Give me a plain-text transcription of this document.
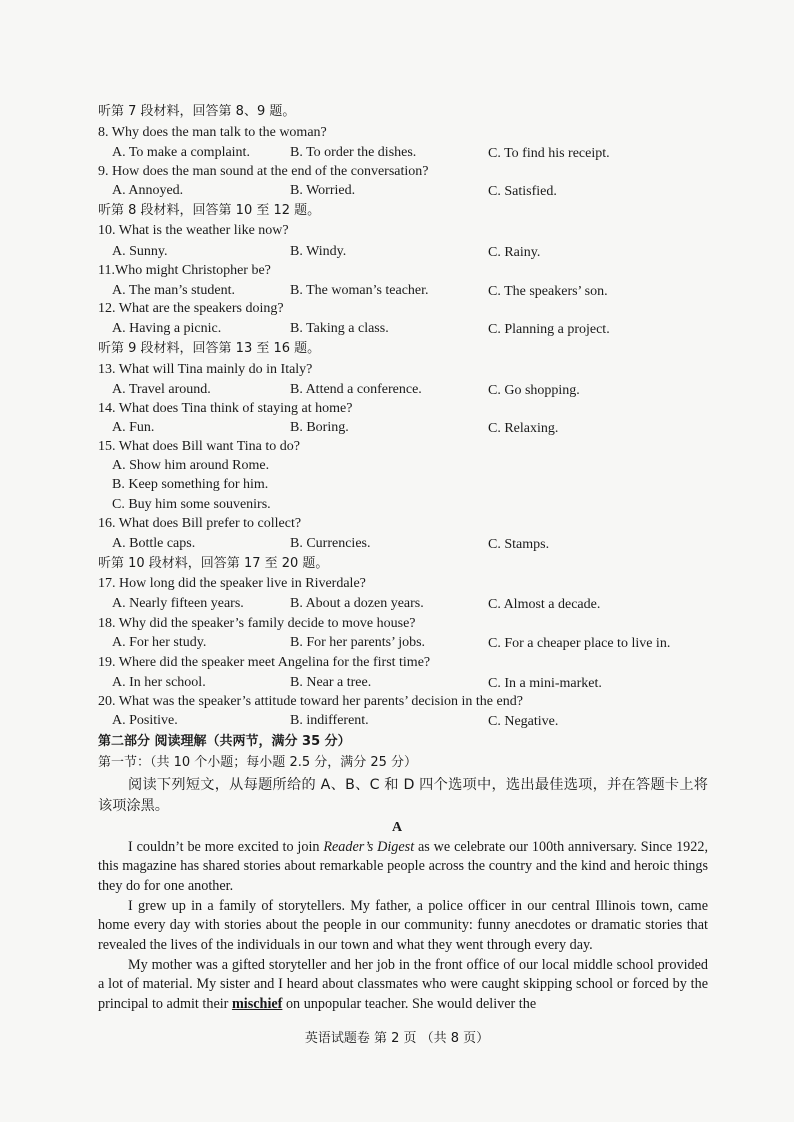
听第 7 段材料，回答第 8、9 题。
8. Why does the man talk to the woman?
A. To make a complaint.	B. To order the dishes.	C. To find his receipt.
9. How does the man sound at the end of the conversation?
A. Annoyed.	B. Worried.	C. Satisfied.
听第 8 段材料，回答第 10 至 12 题。
10. What is the weather like now?
A. Sunny.	B. Windy.	C. Rainy.
11.Who might Christopher be?
A. The man’s student.	B. The woman’s teacher.	C. The speakers’ son.
12. What are the speakers doing?
A. Having a picnic.	B. Taking a class.	C. Planning a project.
听第 9 段材料，回答第 13 至 16 题。
13. What will Tina mainly do in Italy?
A. Travel around.	B. Attend a conference.	C. Go shopping.
14. What does Tina think of staying at home?
A. Fun.	B. Boring.	C. Relaxing.
15. What does Bill want Tina to do?
A. Show him around Rome.
B. Keep something for him.
C. Buy him some souvenirs.
16. What does Bill prefer to collect?
A. Bottle caps.	B. Currencies.	C. Stamps.
听第 10 段材料，回答第 17 至 20 题。
17. How long did the speaker live in Riverdale?
A. Nearly fifteen years.	B. About a dozen years.	C. Almost a decade.
18. Why did the speaker’s family decide to move house?
A. For her study.	B. For her parents’ jobs.	C. For a cheaper place to live in.
19. Where did the speaker meet Angelina for the first time?
A. In her school.	B. Near a tree.	C. In a mini-market.
20. What was the speaker’s attitude toward her parents’ decision in the end?
A. Positive.	B. indifferent.	C. Negative.
第二部分 阅读理解（共两节，满分 35 分）
第一节：（共 10 个小题；每小题 2.5 分，满分 25 分）
阅读下列短文，从每题所给的 A、B、C 和 D 四个选项中，选出最佳选项，并在答题卡上将该项涂黑。
A
I couldn’t be more excited to join Reader’s Digest as we celebrate our 100th anniversary. Since 1922, this magazine has shared stories about remarkable people across the country and the kind and heroic things they do for one another.
I grew up in a family of storytellers. My father, a police officer in our central Illinois town, came home every day with stories about the people in our community: funny anecdotes or dramatic stories that revealed the lives of the individuals in our town and what they went through every day.
My mother was a gifted storyteller and her job in the front office of our local middle school provided a lot of material. My sister and I heard about classmates who were caught skipping school or forced by the principal to admit their mischief on unpopular teacher. She would deliver the
英语试题卷 第 2 页 （共 8 页）
